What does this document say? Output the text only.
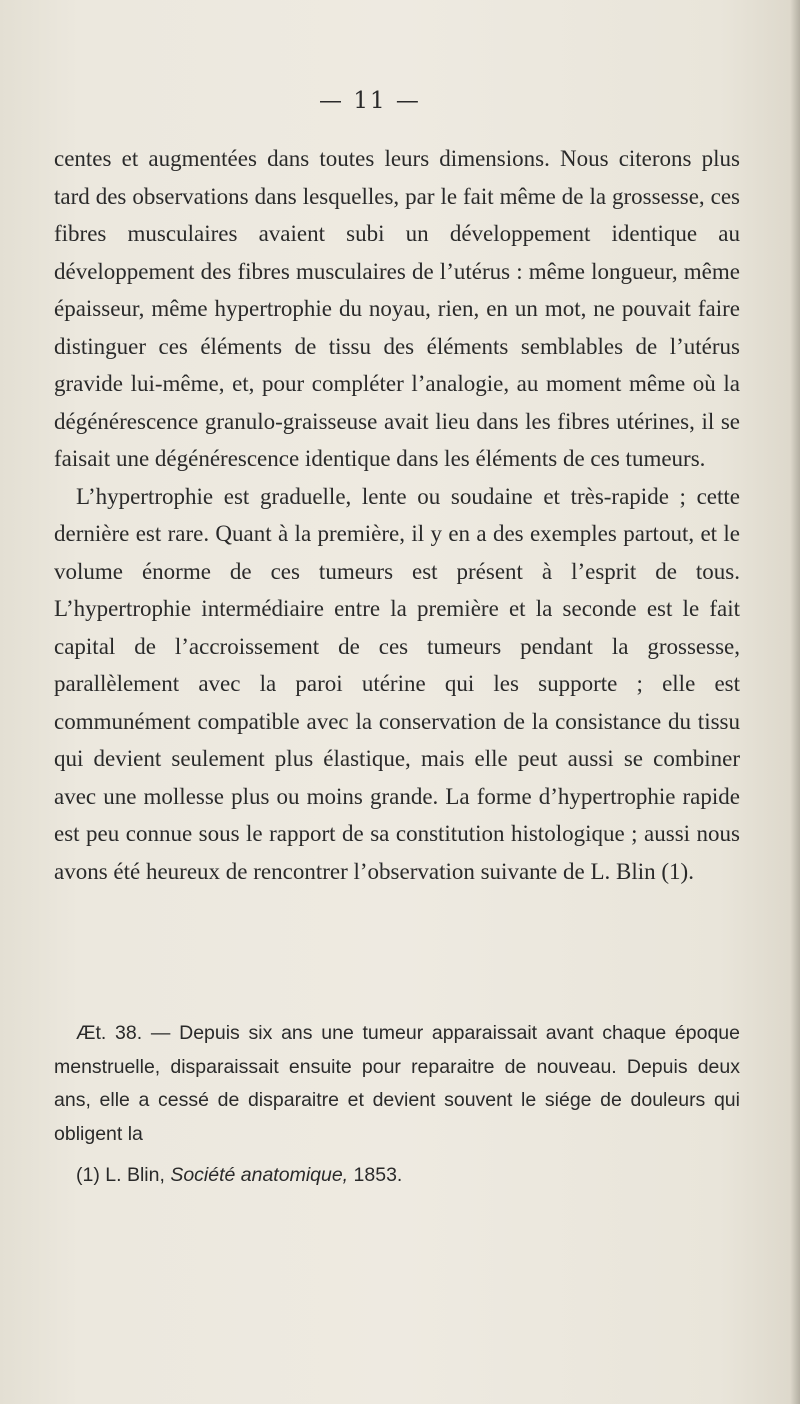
— 11 —

centes et augmentées dans toutes leurs dimensions. Nous citerons plus tard des observations dans lesquelles, par le fait même de la grossesse, ces fibres musculaires avaient subi un développement identique au développement des fibres musculaires de l’utérus : même longueur, même épaisseur, même hypertrophie du noyau, rien, en un mot, ne pouvait faire distinguer ces éléments de tissu des éléments semblables de l’utérus gravide lui-même, et, pour compléter l’analogie, au moment même où la dégénérescence granulo-graisseuse avait lieu dans les fibres utérines, il se faisait une dégénérescence identique dans les éléments de ces tumeurs.

L’hypertrophie est graduelle, lente ou soudaine et très-rapide ; cette dernière est rare. Quant à la première, il y en a des exemples partout, et le volume énorme de ces tumeurs est présent à l’esprit de tous. L’hypertrophie intermédiaire entre la première et la seconde est le fait capital de l’accroissement de ces tumeurs pendant la grossesse, parallèlement avec la paroi utérine qui les supporte ; elle est communément compatible avec la conservation de la consistance du tissu qui devient seulement plus élastique, mais elle peut aussi se combiner avec une mollesse plus ou moins grande. La forme d’hypertrophie rapide est peu connue sous le rapport de sa constitution histologique ; aussi nous avons été heureux de rencontrer l’observation suivante de L. Blin (1).

Æt. 38. — Depuis six ans une tumeur apparaissait avant chaque époque menstruelle, disparaissait ensuite pour reparaitre de nouveau. Depuis deux ans, elle a cessé de disparaitre et devient souvent le siége de douleurs qui obligent la

(1) L. Blin, Société anatomique, 1853.
